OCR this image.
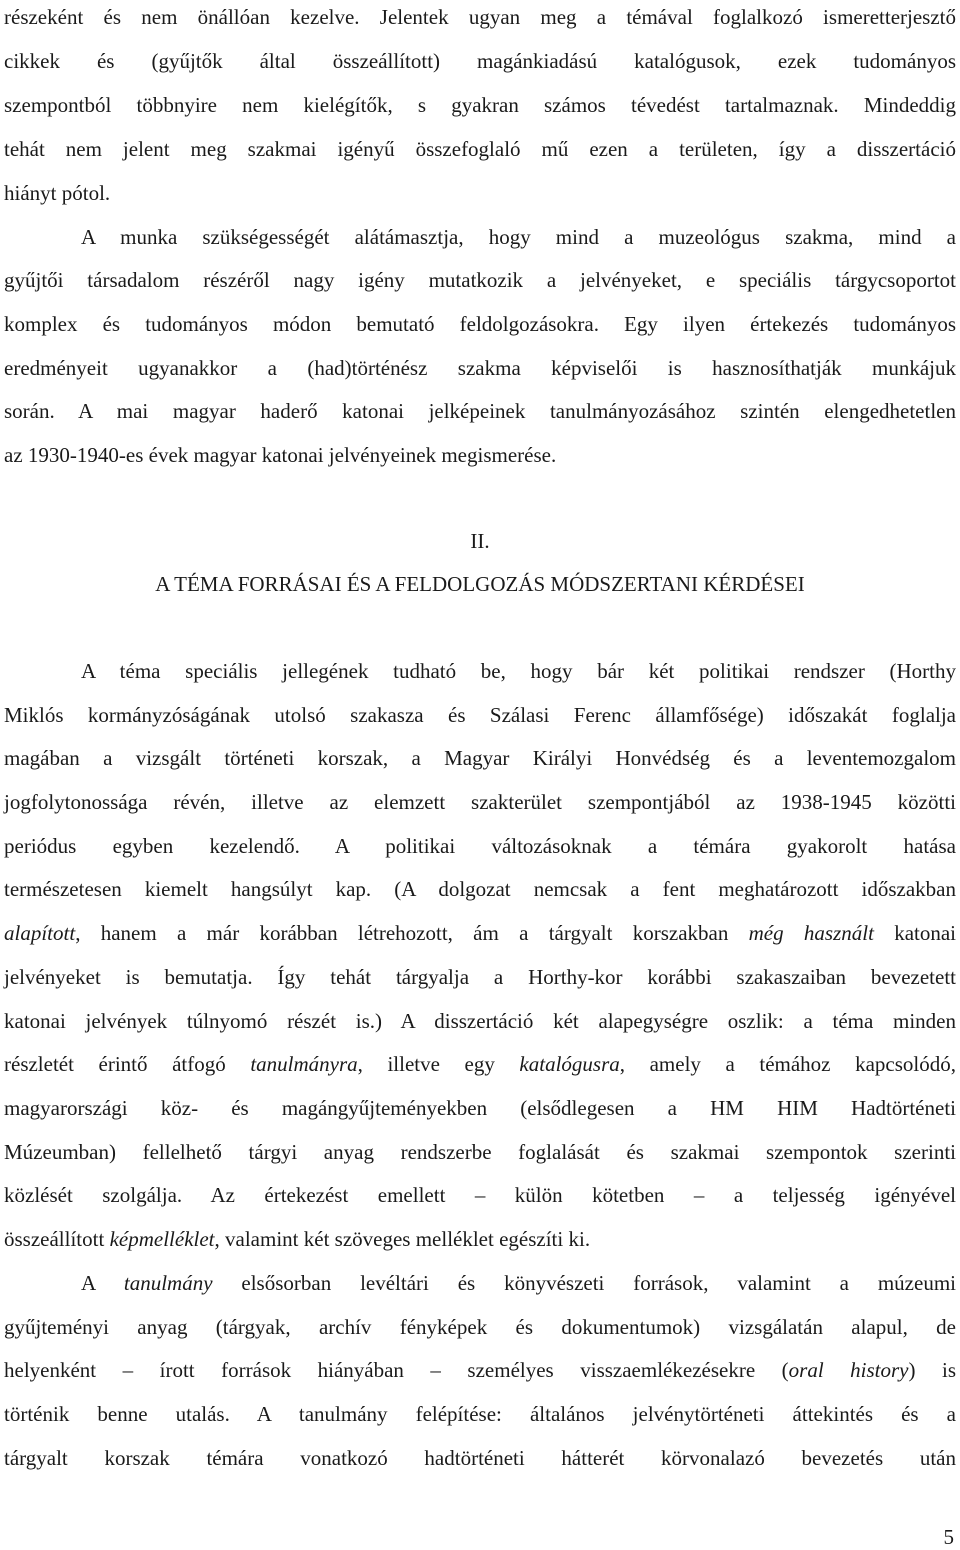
részeként és nem önállóan kezelve. Jelentek ugyan meg a témával foglalkozó ismeretterjesztő
cikkek és (gyűjtők által összeállított) magánkiadású katalógusok, ezek tudományos
szempontból többnyire nem kielégítők, s gyakran számos tévedést tartalmaznak. Mindeddig
tehát nem jelent meg szakmai igényű összefoglaló mű ezen a területen, így a disszertáció
hiányt pótol.
A munka szükségességét alátámasztja, hogy mind a muzeológus szakma, mind a
gyűjtői társadalom részéről nagy igény mutatkozik a jelvényeket, e speciális tárgycsoportot
komplex és tudományos módon bemutató feldolgozásokra. Egy ilyen értekezés tudományos
eredményeit ugyanakkor a (had)történész szakma képviselői is hasznosíthatják munkájuk
során. A mai magyar haderő katonai jelképeinek tanulmányozásához szintén elengedhetetlen
az 1930-1940-es évek magyar katonai jelvényeinek megismerése.
II.
A TÉMA FORRÁSAI ÉS A FELDOLGOZÁS MÓDSZERTANI KÉRDÉSEI
A téma speciális jellegének tudható be, hogy bár két politikai rendszer (Horthy
Miklós kormányzóságának utolsó szakasza és Szálasi Ferenc államfősége) időszakát foglalja
magában a vizsgált történeti korszak, a Magyar Királyi Honvédség és a leventemozgalom
jogfolytonossága révén, illetve az elemzett szakterület szempontjából az 1938-1945 közötti
periódus egyben kezelendő. A politikai változásoknak a témára gyakorolt hatása
természetesen kiemelt hangsúlyt kap. (A dolgozat nemcsak a fent meghatározott időszakban
alapított, hanem a már korábban létrehozott, ám a tárgyalt korszakban még használt katonai
jelvényeket is bemutatja. Így tehát tárgyalja a Horthy-kor korábbi szakaszaiban bevezetett
katonai jelvények túlnyomó részét is.) A disszertáció két alapegységre oszlik: a téma minden
részletét érintő átfogó tanulmányra, illetve egy katalógusra, amely a témához kapcsolódó,
magyarországi köz- és magángyűjteményekben (elsődlegesen a HM HIM Hadtörténeti
Múzeumban) fellelhető tárgyi anyag rendszerbe foglalását és szakmai szempontok szerinti
közlését szolgálja. Az értekezést emellett – külön kötetben – a teljesség igényével
összeállított képmelléklet, valamint két szöveges melléklet egészíti ki.
A tanulmány elsősorban levéltári és könyvészeti források, valamint a múzeumi
gyűjteményi anyag (tárgyak, archív fényképek és dokumentumok) vizsgálatán alapul, de
helyenként – írott források hiányában – személyes visszaemlékezésekre (oral history) is
történik benne utalás. A tanulmány felépítése: általános jelvénytörténeti áttekintés és a
tárgyalt korszak témára vonatkozó hadtörténeti hátterét körvonalazó bevezetés után
5
